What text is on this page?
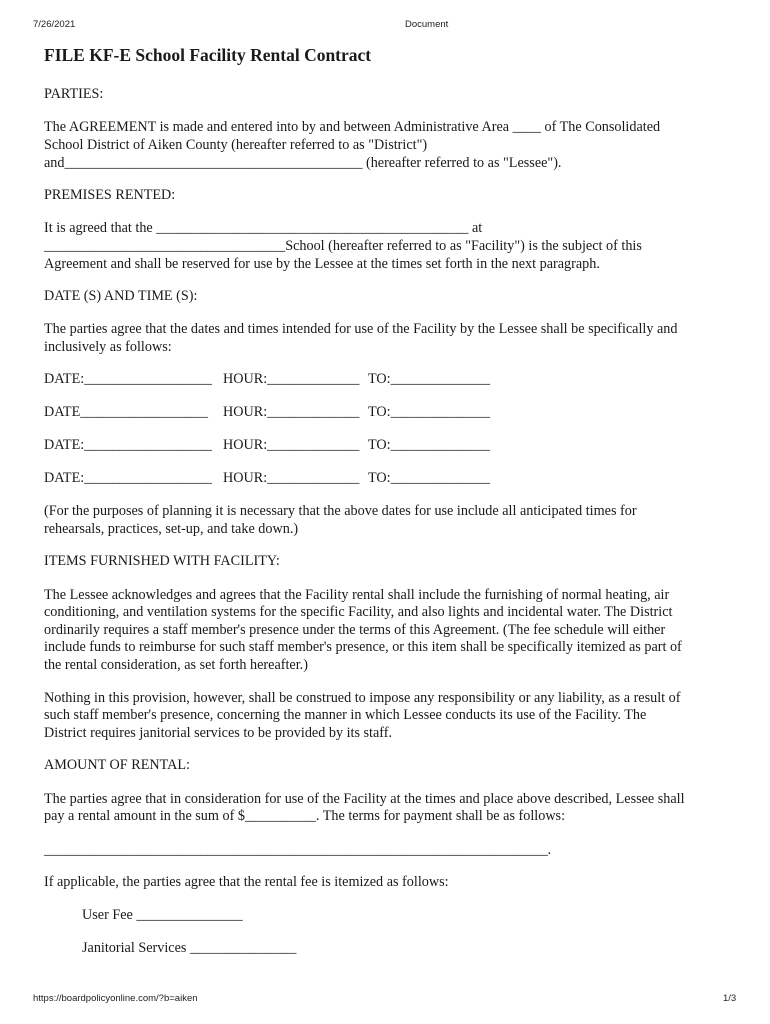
7/26/2021	Document
FILE KF-E School Facility Rental Contract
PARTIES:
The AGREEMENT is made and entered into by and between Administrative Area ____ of The Consolidated
School District of Aiken County (hereafter referred to as "District")
and__________________________________________ (hereafter referred to as "Lessee").
PREMISES RENTED:
It is agreed that the ____________________________________________ at
__________________________________School (hereafter referred to as "Facility") is the subject of this
Agreement and shall be reserved for use by the Lessee at the times set forth in the next paragraph.
DATE (S) AND TIME (S):
The parties agree that the dates and times intended for use of the Facility by the Lessee shall be specifically and
inclusively as follows:
DATE:__________________ HOUR:_____________ TO:______________
DATE__________________ HOUR:_____________ TO:______________
DATE:__________________ HOUR:_____________ TO:______________
DATE:__________________ HOUR:_____________ TO:______________
(For the purposes of planning it is necessary that the above dates for use include all anticipated times for
rehearsals, practices, set-up, and take down.)
ITEMS FURNISHED WITH FACILITY:
The Lessee acknowledges and agrees that the Facility rental shall include the furnishing of normal heating, air
conditioning, and ventilation systems for the specific Facility, and also lights and incidental water. The District
ordinarily requires a staff member's presence under the terms of this Agreement. (The fee schedule will either
include funds to reimburse for such staff member's presence, or this item shall be specifically itemized as part of
the rental consideration, as set forth hereafter.)
Nothing in this provision, however, shall be construed to impose any responsibility or any liability, as a result of
such staff member's presence, concerning the manner in which Lessee conducts its use of the Facility. The
District requires janitorial services to be provided by its staff.
AMOUNT OF RENTAL:
The parties agree that in consideration for use of the Facility at the times and place above described, Lessee shall
pay a rental amount in the sum of $__________. The terms for payment shall be as follows:
_______________________________________________________________________.
If applicable, the parties agree that the rental fee is itemized as follows:
User Fee _______________
Janitorial Services _______________
https://boardpolicyonline.com/?b=aiken	1/3
